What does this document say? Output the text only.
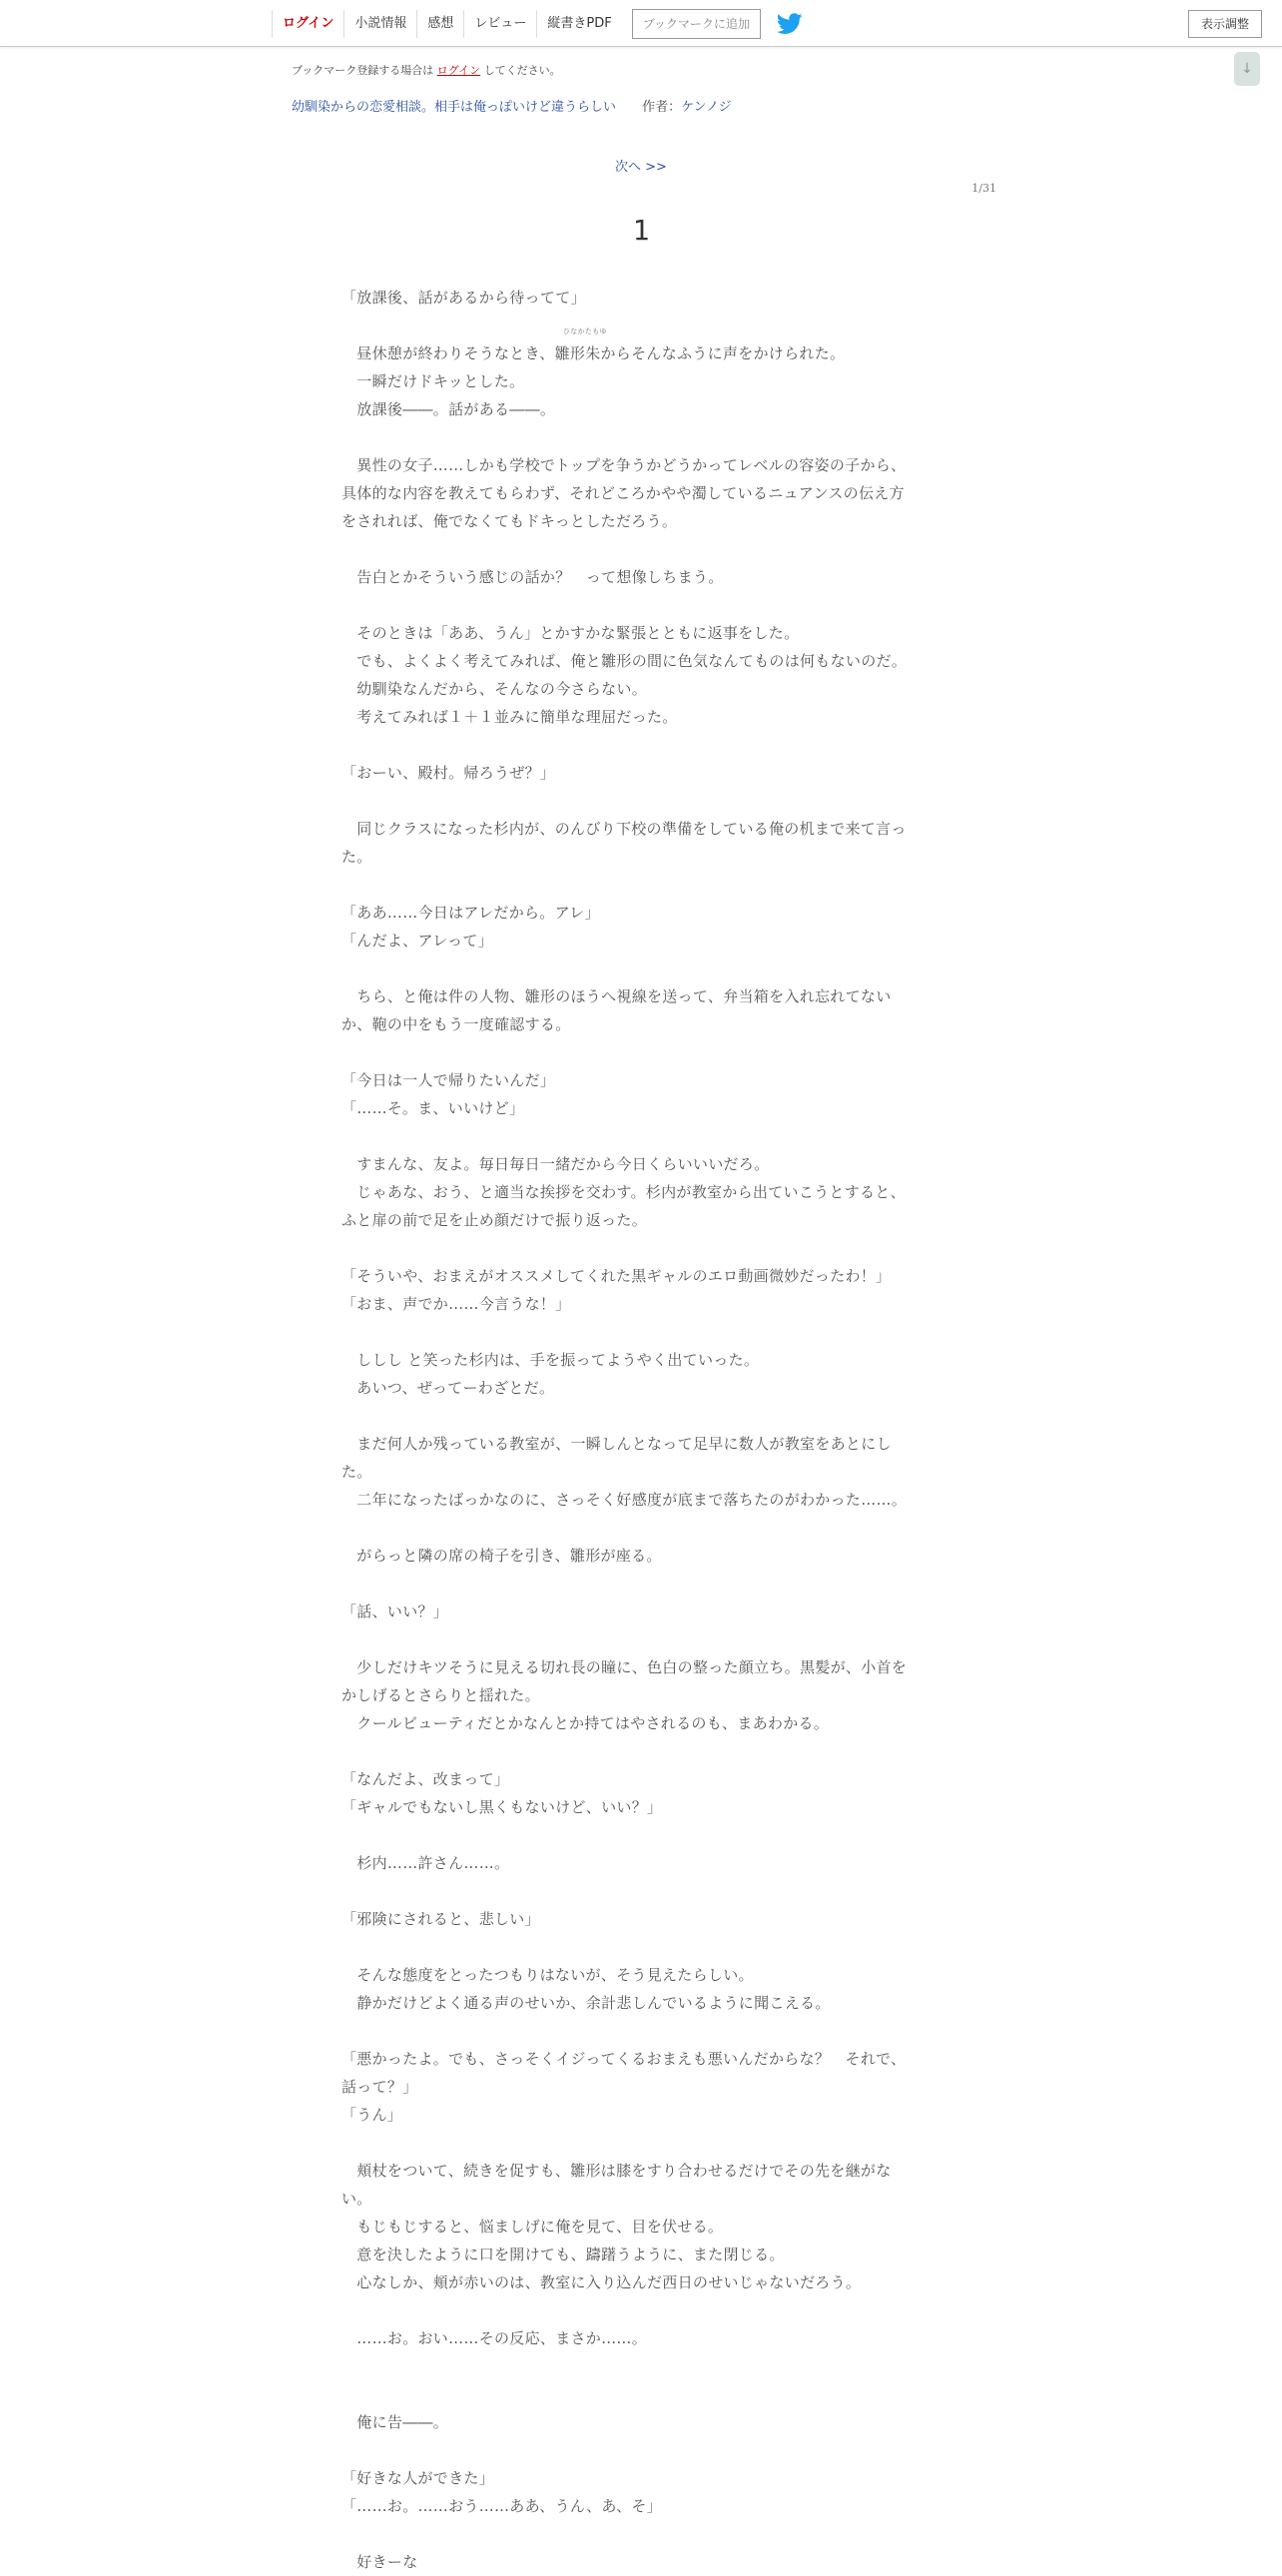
ログイン	小説情報	感想	レビュー	縦書きPDF	ブックマークに追加	表示調整
↓
ブックマーク登録する場合は ログイン してください。
幼馴染からの恋愛相談。相手は俺っぽいけど違うらしい 作者：ケンノジ
次へ >>
1/31
1

「放課後、話があるから待ってて」

ひなかたもゆ
　昼休憩が終わりそうなとき、雛形朱からそんなふうに声をかけられた。

　一瞬だけドキッとした。

　放課後――。話がある――。

　異性の女子……しかも学校でトップを争うかどうかってレベルの容姿の子から、

具体的な内容を教えてもらわず、それどころかやや濁しているニュアンスの伝え方

をされれば、俺でなくてもドキっとしただろう。

　告白とかそういう感じの話か？　って想像しちまう。

　そのときは「ああ、うん」とかすかな緊張とともに返事をした。

　でも、よくよく考えてみれば、俺と雛形の間に色気なんてものは何もないのだ。

　幼馴染なんだから、そんなの今さらない。

　考えてみれば１＋１並みに簡単な理屈だった。

「おーい、殿村。帰ろうぜ？」

　同じクラスになった杉内が、のんびり下校の準備をしている俺の机まで来て言っ

た。

「ああ……今日はアレだから。アレ」

「んだよ、アレって」

　ちら、と俺は件の人物、雛形のほうへ視線を送って、弁当箱を入れ忘れてない

か、鞄の中をもう一度確認する。

「今日は一人で帰りたいんだ」

「……そ。ま、いいけど」

　すまんな、友よ。毎日毎日一緒だから今日くらいいいだろ。

　じゃあな、おう、と適当な挨拶を交わす。杉内が教室から出ていこうとすると、

ふと扉の前で足を止め顔だけで振り返った。

「そういや、おまえがオススメしてくれた黒ギャルのエロ動画微妙だったわ！」

「おま、声でか……今言うな！」

　ししし と笑った杉内は、手を振ってようやく出ていった。

　あいつ、ぜってーわざとだ。

　まだ何人か残っている教室が、一瞬しんとなって足早に数人が教室をあとにし

た。

　二年になったばっかなのに、さっそく好感度が底まで落ちたのがわかった……。

　がらっと隣の席の椅子を引き、雛形が座る。

「話、いい？」

　少しだけキツそうに見える切れ長の瞳に、色白の整った顔立ち。黒髪が、小首を

かしげるとさらりと揺れた。

　クールビューティだとかなんとか持てはやされるのも、まあわかる。

「なんだよ、改まって」

「ギャルでもないし黒くもないけど、いい？」

　杉内……許さん……。

「邪険にされると、悲しい」

　そんな態度をとったつもりはないが、そう見えたらしい。

　静かだけどよく通る声のせいか、余計悲しんでいるように聞こえる。

「悪かったよ。でも、さっそくイジってくるおまえも悪いんだからな？　それで、

話って？」

「うん」

　頬杖をついて、続きを促すも、雛形は膝をすり合わせるだけでその先を継がな

い。

　もじもじすると、悩ましげに俺を見て、目を伏せる。

　意を決したように口を開けても、躊躇うように、また閉じる。

　心なしか、頬が赤いのは、教室に入り込んだ西日のせいじゃないだろう。

　……お。おい……その反応、まさか……。

　俺に告――。

「好きな人ができた」

「……お。……おう……ああ、うん、あ、そ」

　好きーな
